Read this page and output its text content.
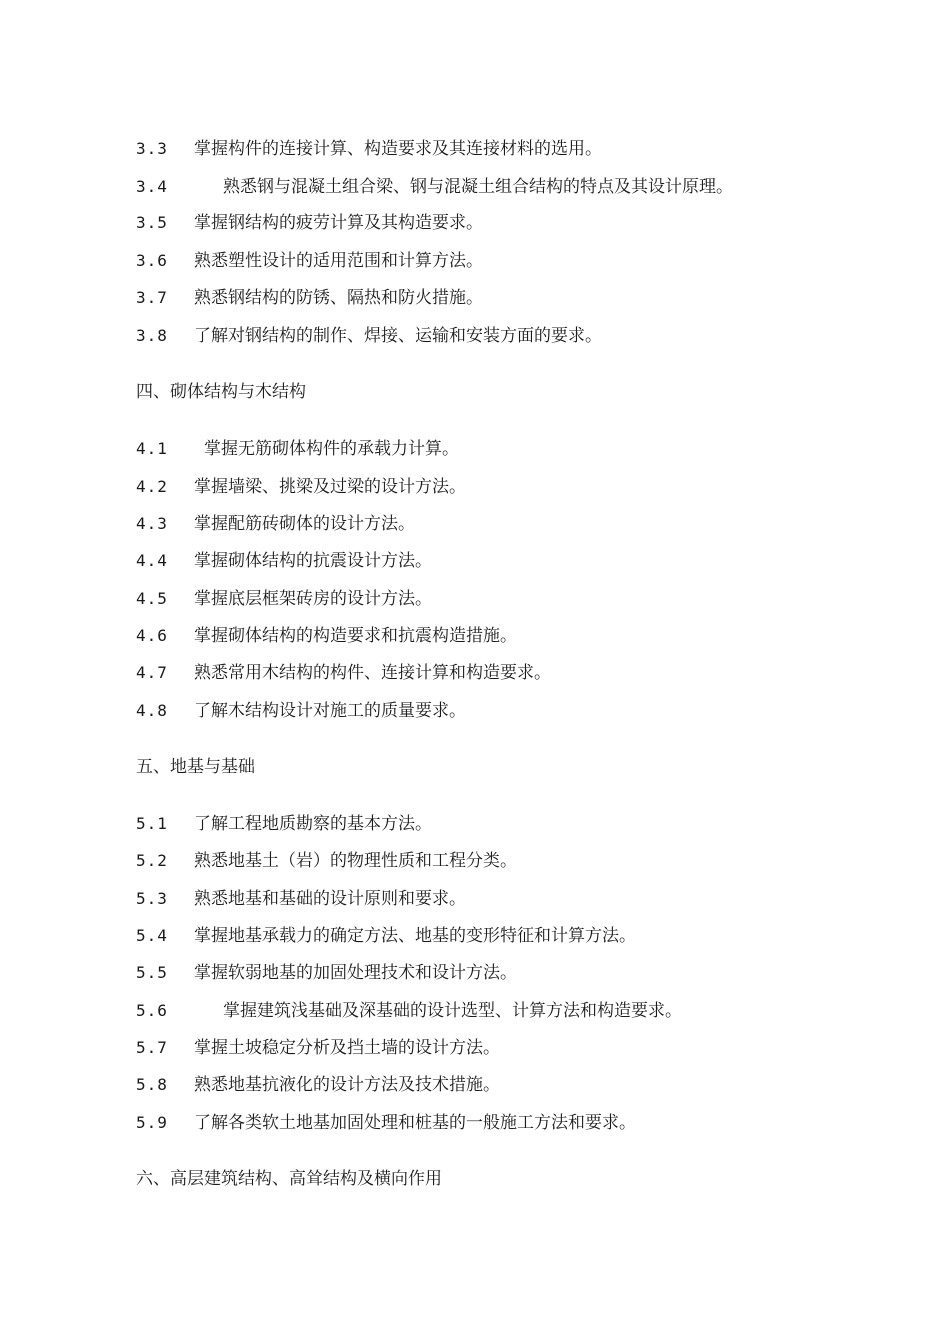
3.3 掌握构件的连接计算、构造要求及其连接材料的选用。
3.4	熟悉钢与混凝土组合梁、钢与混凝土组合结构的特点及其设计原理。
3.5 掌握钢结构的疲劳计算及其构造要求。
3.6 熟悉塑性设计的适用范围和计算方法。
3.7 熟悉钢结构的防锈、隔热和防火措施。
3.8 了解对钢结构的制作、焊接、运输和安装方面的要求。
四、砌体结构与木结构
4.1 掌握无筋砌体构件的承载力计算。
4.2 掌握墙梁、挑梁及过梁的设计方法。
4.3 掌握配筋砖砌体的设计方法。
4.4 掌握砌体结构的抗震设计方法。
4.5 掌握底层框架砖房的设计方法。
4.6 掌握砌体结构的构造要求和抗震构造措施。
4.7 熟悉常用木结构的构件、连接计算和构造要求。
4.8 了解木结构设计对施工的质量要求。
五、地基与基础
5.1 了解工程地质勘察的基本方法。
5.2 熟悉地基土（岩）的物理性质和工程分类。
5.3 熟悉地基和基础的设计原则和要求。
5.4 掌握地基承载力的确定方法、地基的变形特征和计算方法。
5.5 掌握软弱地基的加固处理技术和设计方法。
5.6	掌握建筑浅基础及深基础的设计选型、计算方法和构造要求。
5.7 掌握土坡稳定分析及挡土墙的设计方法。
5.8 熟悉地基抗液化的设计方法及技术措施。
5.9 了解各类软土地基加固处理和桩基的一般施工方法和要求。
六、高层建筑结构、高耸结构及横向作用
